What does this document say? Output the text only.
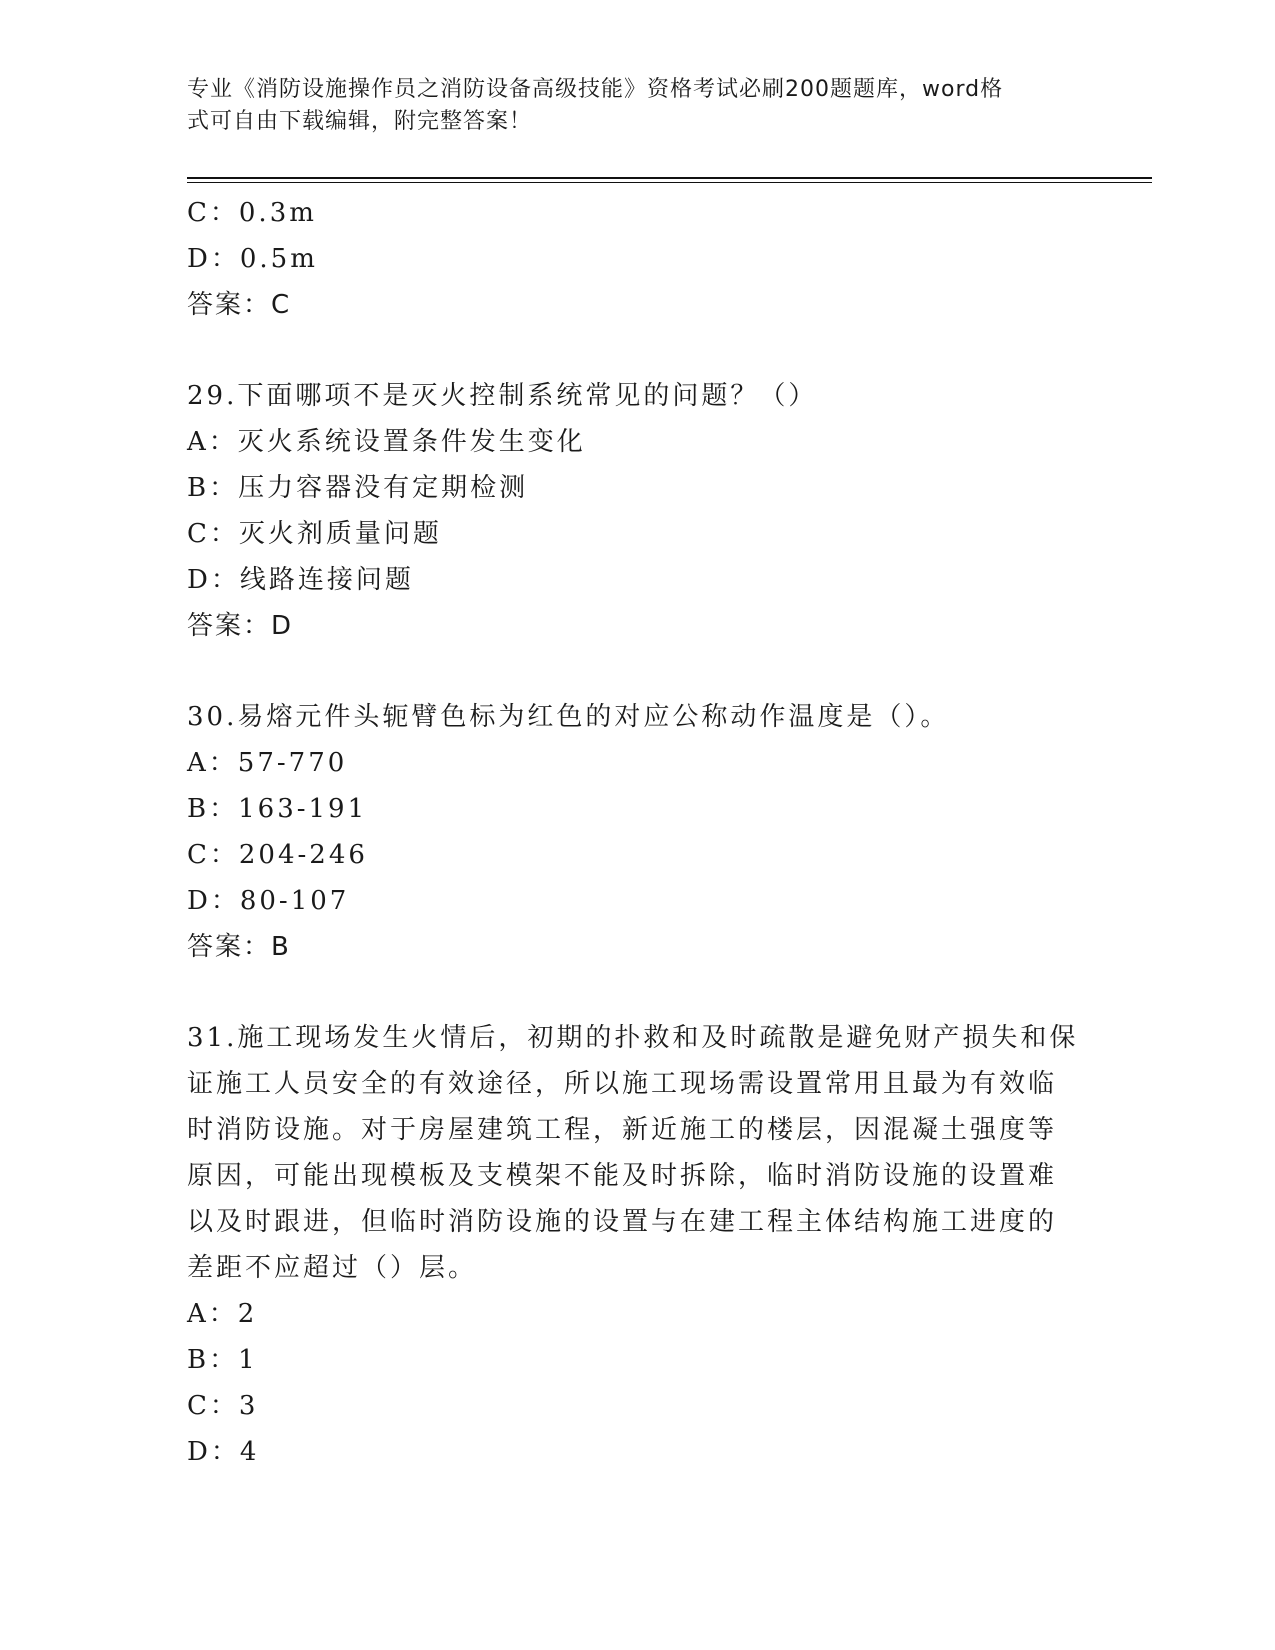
专业《消防设施操作员之消防设备高级技能》资格考试必刷200题题库，word格
式可自由下载编辑，附完整答案！
C：0.3m
D：0.5m
答案：C
29.下面哪项不是灭火控制系统常见的问题？（）
A：灭火系统设置条件发生变化
B：压力容器没有定期检测
C：灭火剂质量问题
D：线路连接问题
答案：D
30.易熔元件头轭臂色标为红色的对应公称动作温度是（）。
A：57-770
B：163-191
C：204-246
D：80-107
答案：B
31.施工现场发生火情后，初期的扑救和及时疏散是避免财产损失和保
证施工人员安全的有效途径，所以施工现场需设置常用且最为有效临
时消防设施。对于房屋建筑工程，新近施工的楼层，因混凝土强度等
原因，可能出现模板及支模架不能及时拆除，临时消防设施的设置难
以及时跟进，但临时消防设施的设置与在建工程主体结构施工进度的
差距不应超过（）层。
A：2
B：1
C：3
D：4
